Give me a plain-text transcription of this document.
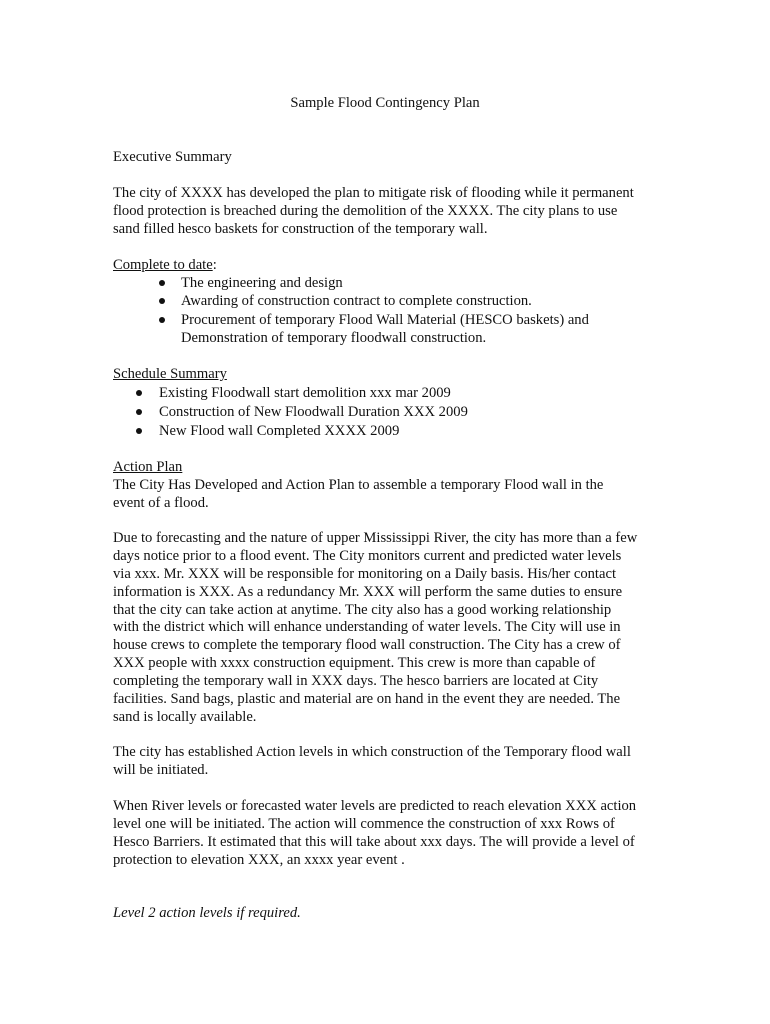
Sample Flood Contingency Plan
Executive Summary
The city of XXXX has developed the plan to mitigate risk of flooding while it permanent
flood protection is breached during the demolition of the XXXX. The city plans to use
sand filled hesco baskets for construction of the temporary wall.
Complete to date:
The engineering and design
Awarding of construction contract to complete construction.
Procurement of temporary Flood Wall Material (HESCO baskets) and
Demonstration of temporary floodwall construction.
Schedule Summary
Existing Floodwall start demolition xxx mar 2009
Construction of New Floodwall Duration XXX 2009
New Flood wall Completed XXXX 2009
Action Plan
The City Has Developed and Action Plan to assemble a temporary Flood wall in the
event of a flood.
Due to forecasting and the nature of upper Mississippi River, the city has more than a few
days notice prior to a flood event. The City monitors current and predicted water levels
via xxx. Mr. XXX will be responsible for monitoring on a Daily basis. His/her contact
information is XXX. As a redundancy Mr. XXX will perform the same duties to ensure
that the city can take action at anytime. The city also has a good working relationship
with the district which will enhance understanding of water levels. The City will use in
house crews to complete the temporary flood wall construction. The City has a crew of
XXX people with xxxx construction equipment. This crew is more than capable of
completing the temporary wall in XXX days. The hesco barriers are located at City
facilities. Sand bags, plastic and material are on hand in the event they are needed. The
sand is locally available.
The city has established Action levels in which construction of the Temporary flood wall
will be initiated.
When River levels or forecasted water levels are predicted to reach elevation XXX action
level one will be initiated. The action will commence the construction of xxx Rows of
Hesco Barriers. It estimated that this will take about xxx days. The will provide a level of
protection to elevation XXX, an xxxx year event .
Level 2 action levels if required.
